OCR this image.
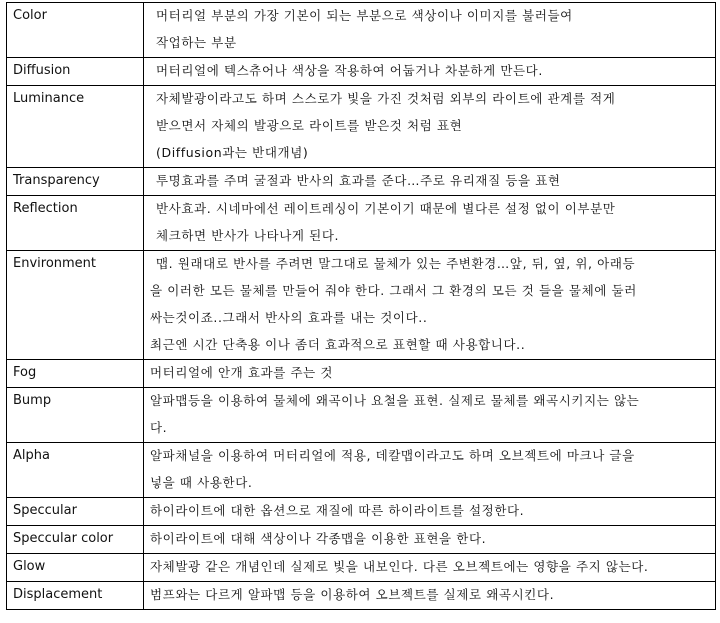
Color	머터리얼 부분의 가장 기본이 되는 부분으로 색상이나 이미지를 불러들여
작업하는 부분

Diffusion	머터리얼에 텍스츄어나 색상을 작용하여 어둡거나 차분하게 만든다.

Luminance	자체발광이라고도 하며 스스로가 빛을 가진 것처럼 외부의 라이트에 관계를 적게
받으면서 자체의 발광으로 라이트를 받은것 처럼 표현
(Diffusion과는 반대개념)

Transparency	투명효과를 주며 굴절과 반사의 효과를 준다…주로 유리재질 등을 표현

Reflection	반사효과. 시네마에선 레이트레싱이 기본이기 때문에 별다른 설정 없이 이부분만
체크하면 반사가 나타나게 된다.

Environment	맵. 원래대로 반사를 주려면 말그대로 물체가 있는 주변환경…앞, 뒤, 옆, 위, 아래등
을 이러한 모든 물체를 만들어 줘야 한다. 그래서 그 환경의 모든 것 들을 물체에 둘러
싸는것이죠..그래서 반사의 효과를 내는 것이다..
최근엔 시간 단축용 이나 좀더 효과적으로 표현할 때 사용합니다..

Fog	머터리얼에 안개 효과를 주는 것

Bump	알파맵등을 이용하여 물체에 왜곡이나 요철을 표현. 실제로 물체를 왜곡시키지는 않는
다.

Alpha	알파채널을 이용하여 머터리얼에 적용, 데칼맵이라고도 하며 오브젝트에 마크나 글을
넣을 때 사용한다.

Speccular	하이라이트에 대한 옵션으로 재질에 따른 하이라이트를 설정한다.

Speccular color	하이라이트에 대해 색상이나 각종맵을 이용한 표현을 한다.

Glow	자체발광 같은 개념인데 실제로 빛을 내보인다. 다른 오브젝트에는 영향을 주지 않는다.

Displacement	범프와는 다르게 알파맵 등을 이용하여 오브젝트를 실제로 왜곡시킨다.
